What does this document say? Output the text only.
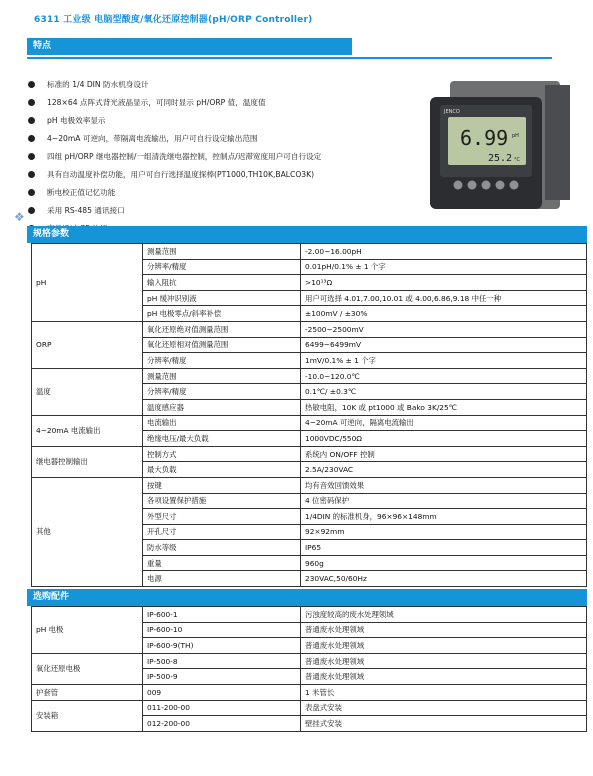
6311 工业级 电脑型酸度/氧化还原控制器(pH/ORP Controller)
特点
标准的 1/4 DIN 防水机身设计
128×64 点阵式背光液晶显示，可同时显示 pH/ORP 值，温度值
pH 电极效率显示
4~20mA 可逆向，带隔离电流输出，用户可自行设定输出范围
四组 pH/ORP 继电器控制/一组清洗继电器控制，控制点/迟滞宽度用户可自行设定
具有自动温度补偿功能，用户可自行选择温度探棒(PT1000,TH10K,BALCO3K)
断电校正值记忆功能
采用 RS-485 通讯接口
❖
JENCO
6.99 pH
25.2 °C
规格参数
pH	测量范围	-2.00~16.00pH
	分辨率/精度	0.01pH/0.1% ± 1 个字
	输入阻抗	>10¹³Ω
	pH 缓冲识别液	用户可选择 4.01,7.00,10.01 或 4.00,6.86,9.18 中任一种
	pH 电极零点/斜率补偿	±100mV / ±30%
ORP	氧化还原绝对值测量范围	-2500~2500mV
	氧化还原相对值测量范围	6499~6499mV
	分辨率/精度	1mV/0.1% ± 1 个字
温度	测量范围	-10.0~120.0℃
	分辨率/精度	0.1℃/ ±0.3℃
	温度感应器	热敏电阻，10K 或 pt1000 或 Bako 3K/25℃
4~20mA 电流输出	电流输出	4~20mA 可逆向，隔离电流输出
	绝缘电压/最大负载	1000VDC/550Ω
继电器控制输出	控制方式	系统内 ON/OFF 控制
	最大负载	2.5A/230VAC
其他	按键	均有音效回馈效果
	各项设置保护措施	4 位密码保护
	外型尺寸	1/4DIN 的标准机身，96×96×148mm
	开孔尺寸	92×92mm
	防水等级	IP65
	重量	960g
	电源	230VAC,50/60Hz
选购配件
pH 电极	IP-600-1	污浊度较高的废水处理领域
	IP-600-10	普通废水处理领域
	IP-600-9(TH)	普通废水处理领域
氧化还原电极	IP-500-8	普通废水处理领域
	IP-500-9	普通废水处理领域
护套管	009	1 米管长
安装箱	011-200-00	表盘式安装
	012-200-00	壁挂式安装
